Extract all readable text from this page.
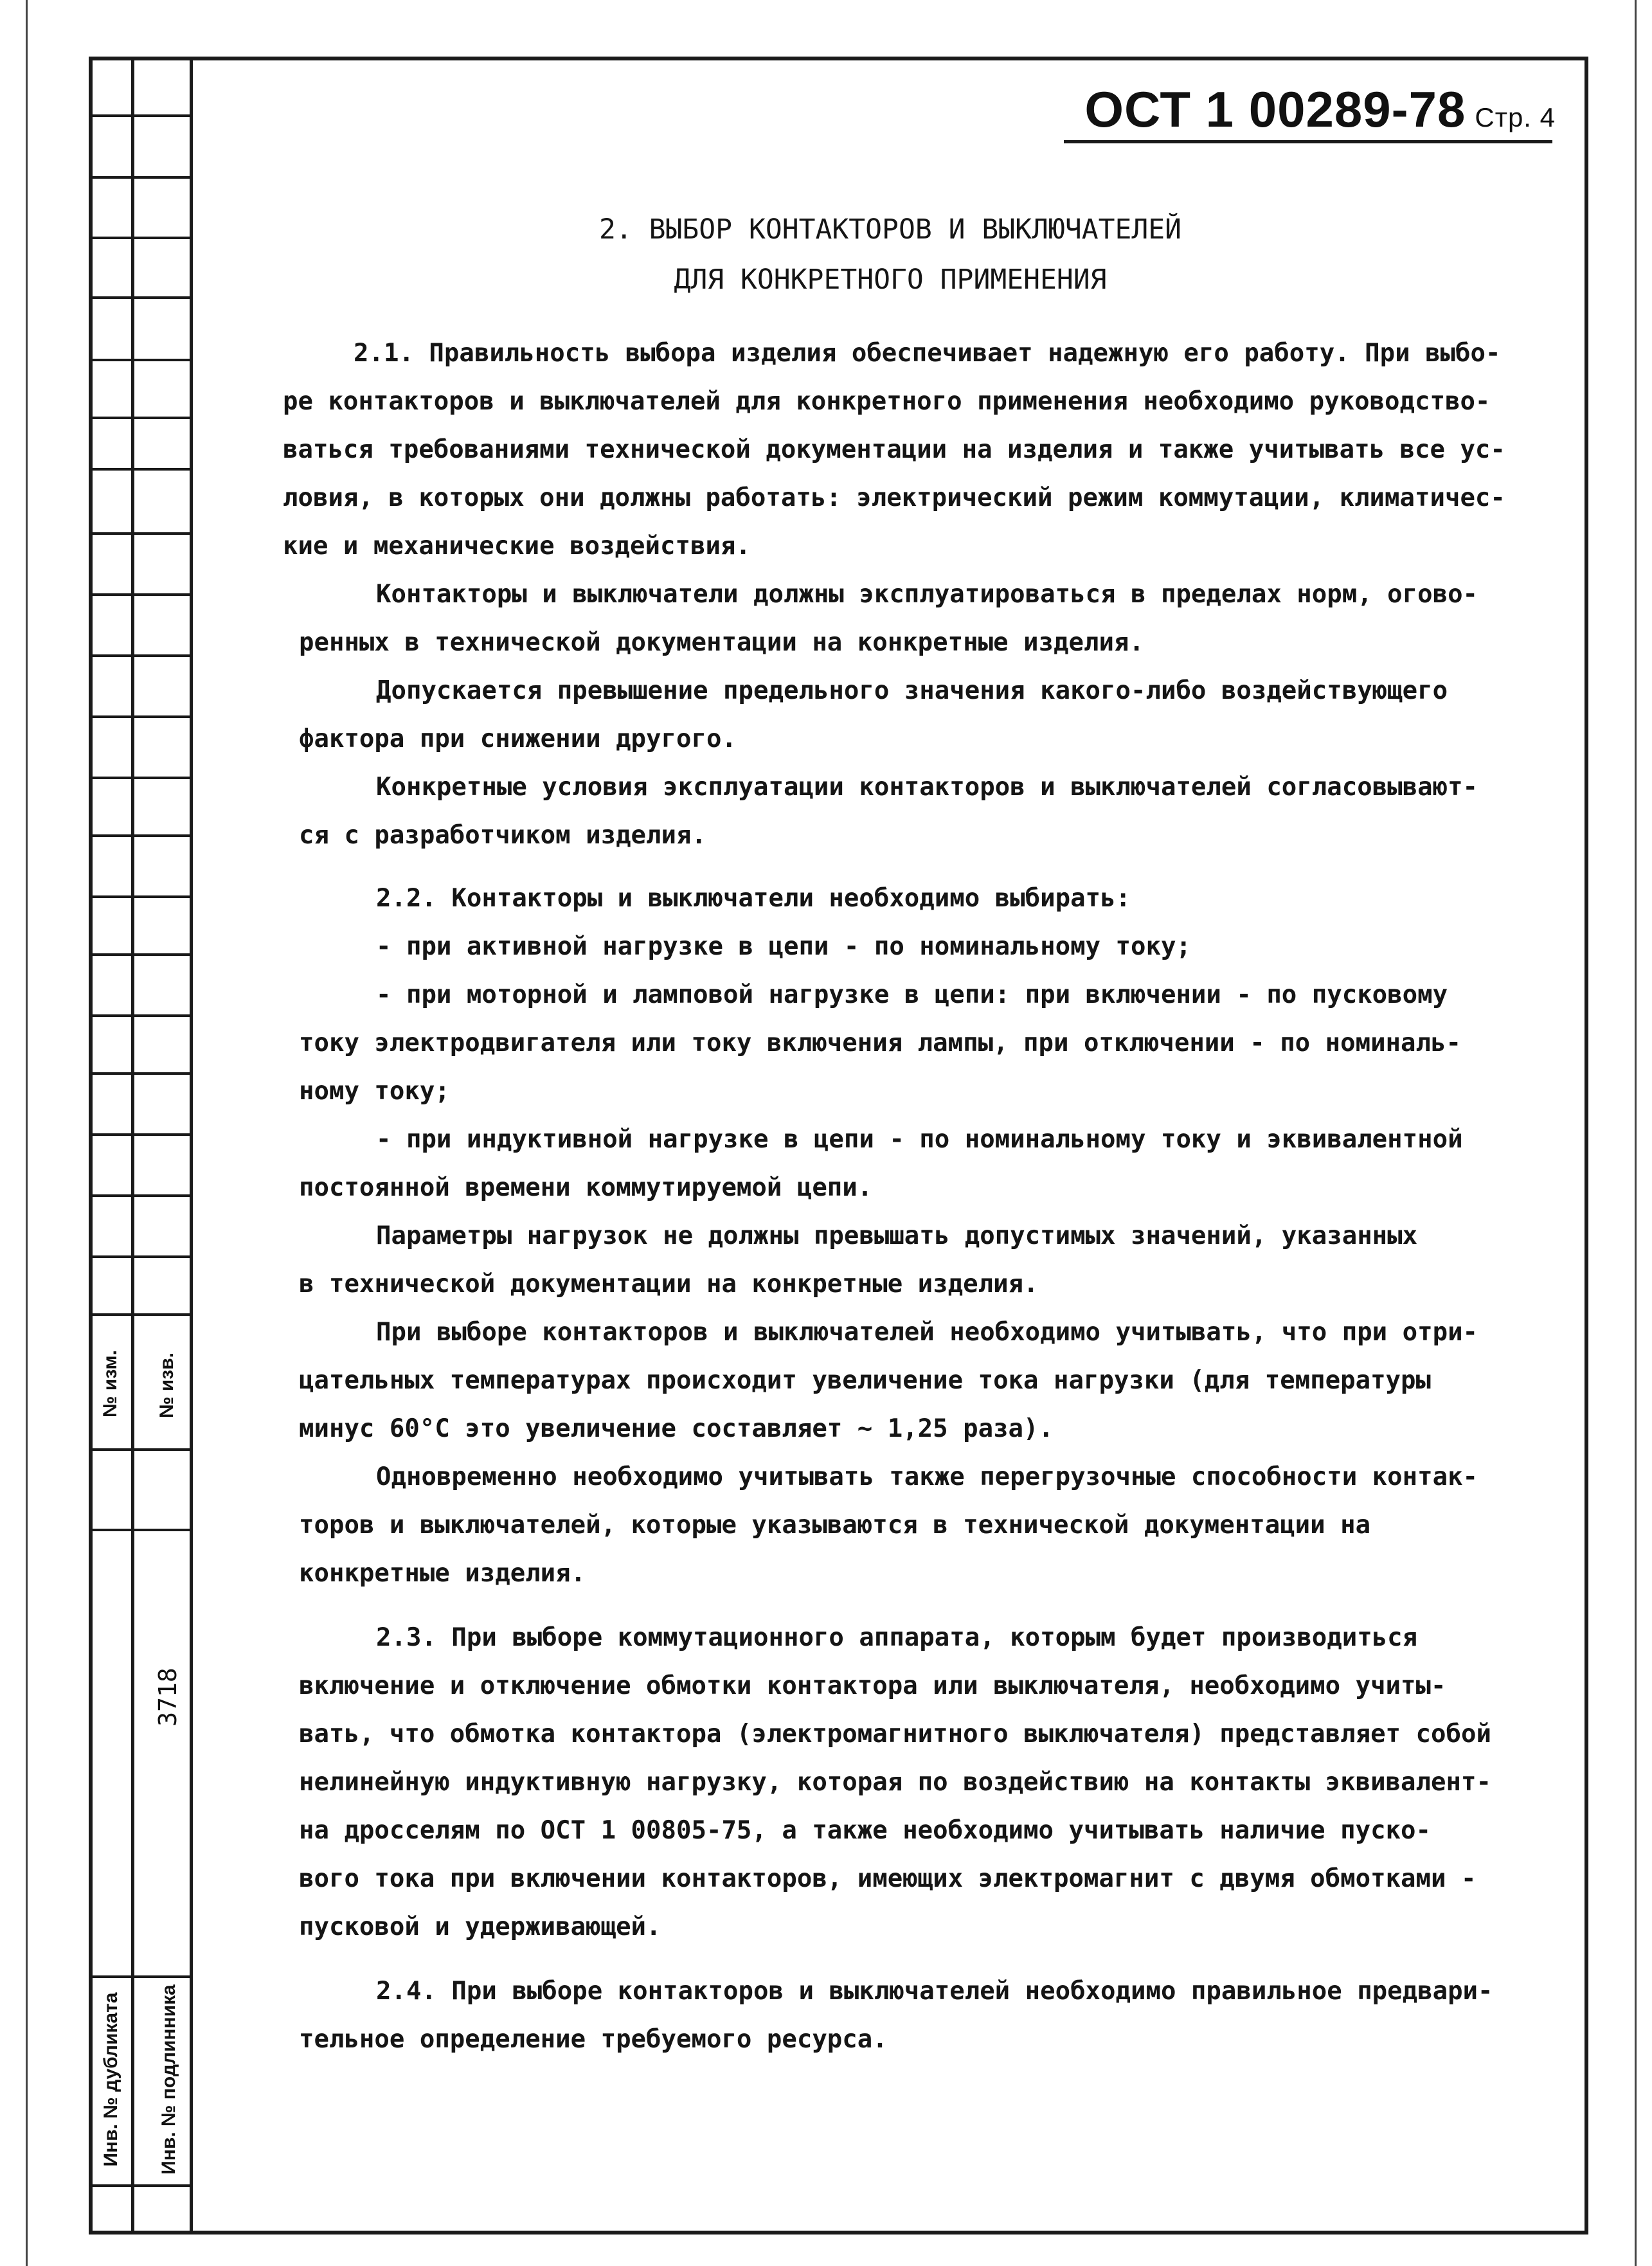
№ изм. № изв.
3718
Инв. № дубликата Инв. № подлинника
ОСТ 1 00289-78 Стр. 4
2. ВЫБОР КОНТАКТОРОВ И ВЫКЛЮЧАТЕЛЕЙ
ДЛЯ КОНКРЕТНОГО ПРИМЕНЕНИЯ
2.1. Правильность выбора изделия обеспечивает надежную его работу. При выбо-
ре контакторов и выключателей для конкретного применения необходимо руководство-
ваться требованиями технической документации на изделия и также учитывать все ус-
ловия, в которых они должны работать: электрический режим коммутации, климатичес-
кие и механические воздействия.
Контакторы и выключатели должны эксплуатироваться в пределах норм, огово-
ренных в технической документации на конкретные изделия.
Допускается превышение предельного значения какого-либо воздействующего
фактора при снижении другого.
Конкретные условия эксплуатации контакторов и выключателей согласовывают-
ся с разработчиком изделия.
2.2. Контакторы и выключатели необходимо выбирать:
- при активной нагрузке в цепи - по номинальному току;
- при моторной и ламповой нагрузке в цепи: при включении - по пусковому
току электродвигателя или току включения лампы, при отключении - по номиналь-
ному току;
- при индуктивной нагрузке в цепи - по номинальному току и эквивалентной
постоянной времени коммутируемой цепи.
Параметры нагрузок не должны превышать допустимых значений, указанных
в технической документации на конкретные изделия.
При выборе контакторов и выключателей необходимо учитывать, что при отри-
цательных температурах происходит увеличение тока нагрузки (для температуры
минус 60°С это увеличение составляет ~ 1,25 раза).
Одновременно необходимо учитывать также перегрузочные способности контак-
торов и выключателей, которые указываются в технической документации на
конкретные изделия.
2.3. При выборе коммутационного аппарата, которым будет производиться
включение и отключение обмотки контактора или выключателя, необходимо учиты-
вать, что обмотка контактора (электромагнитного выключателя) представляет собой
нелинейную индуктивную нагрузку, которая по воздействию на контакты эквивалент-
на дросселям по ОСТ 1 00805-75, а также необходимо учитывать наличие пуско-
вого тока при включении контакторов, имеющих электромагнит с двумя обмотками -
пусковой и удерживающей.
2.4. При выборе контакторов и выключателей необходимо правильное предвари-
тельное определение требуемого ресурса.
